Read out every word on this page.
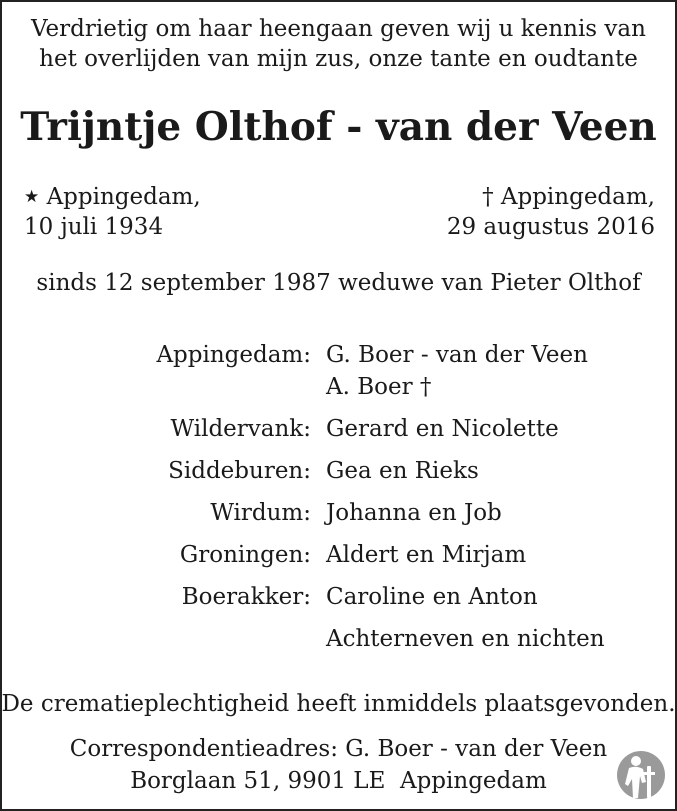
Verdrietig om haar heengaan geven wij u kennis van
het overlijden van mijn zus, onze tante en oudtante
Trijntje Olthof - van der Veen
★ Appingedam,
10 juli 1934
† Appingedam,
29 augustus 2016
sinds 12 september 1987 weduwe van Pieter Olthof
Appingedam: G. Boer - van der Veen
A. Boer †
Wildervank: Gerard en Nicolette
Siddeburen: Gea en Rieks
Wirdum: Johanna en Job
Groningen: Aldert en Mirjam
Boerakker: Caroline en Anton
Achterneven en nichten
De crematieplechtigheid heeft inmiddels plaatsgevonden.
Correspondentieadres: G. Boer - van der Veen
Borglaan 51, 9901 LE  Appingedam
